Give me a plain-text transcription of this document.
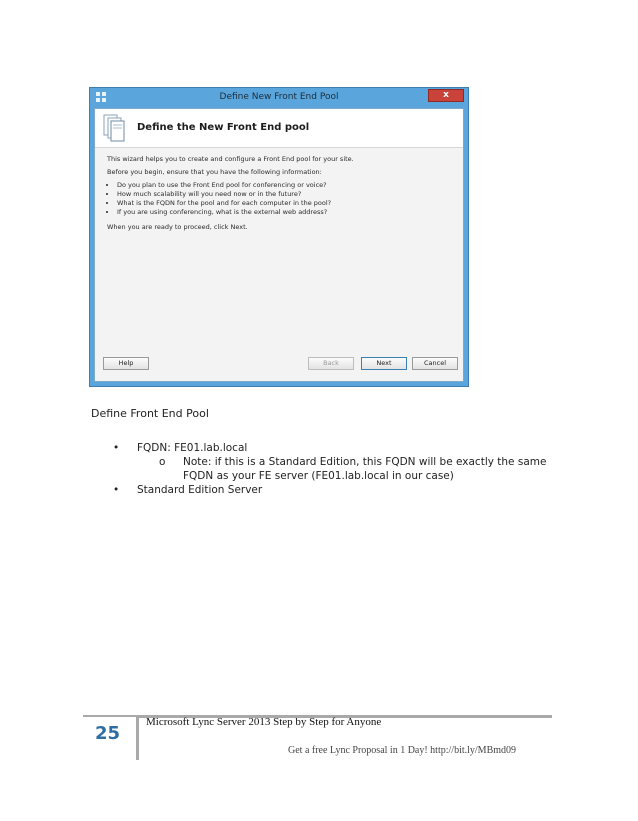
Define New Front End Pool	x
Define the New Front End pool

This wizard helps you to create and configure a Front End pool for your site.

Before you begin, ensure that you have the following information:

• Do you plan to use the Front End pool for conferencing or voice?
• How much scalability will you need now or in the future?
• What is the FQDN for the pool and for each computer in the pool?
• If you are using conferencing, what is the external web address?

When you are ready to proceed, click Next.

Help	Back	Next	Cancel
Define Front End Pool
• FQDN: FE01.lab.local
o Note: if this is a Standard Edition, this FQDN will be exactly the same
FQDN as your FE server (FE01.lab.local in our case)
• Standard Edition Server
25
Microsoft Lync Server 2013 Step by Step for Anyone
Get a free Lync Proposal in 1 Day! http://bit.ly/MBmd09
